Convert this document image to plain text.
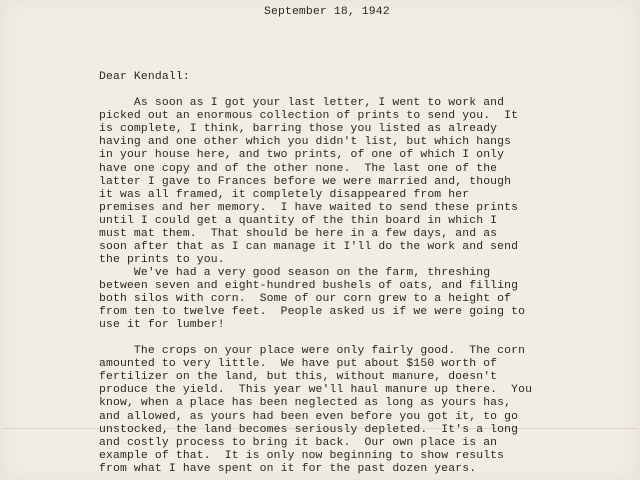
September 18, 1942

Dear Kendall:

As soon as I got your last letter, I went to work and

picked out an enormous collection of prints to send you.  It

is complete, I think, barring those you listed as already

having and one other which you didn't list, but which hangs

in your house here, and two prints, of one of which I only

have one copy and of the other none.  The last one of the

latter I gave to Frances before we were married and, though

it was all framed, it completely disappeared from her

premises and her memory.  I have waited to send these prints

until I could get a quantity of the thin board in which I

must mat them.  That should be here in a few days, and as

soon after that as I can manage it I'll do the work and send

the prints to you.

We've had a very good season on the farm, threshing

between seven and eight-hundred bushels of oats, and filling

both silos with corn.  Some of our corn grew to a height of

from ten to twelve feet.  People asked us if we were going to

use it for lumber!

The crops on your place were only fairly good.  The corn

amounted to very little.  We have put about $150 worth of

fertilizer on the land, but this, without manure, doesn't

produce the yield.  This year we'll haul manure up there.  You

know, when a place has been neglected as long as yours has,

and allowed, as yours had been even before you got it, to go

unstocked, the land becomes seriously depleted.  It's a long

and costly process to bring it back.  Our own place is an

example of that.  It is only now beginning to show results

from what I have spent on it for the past dozen years.
